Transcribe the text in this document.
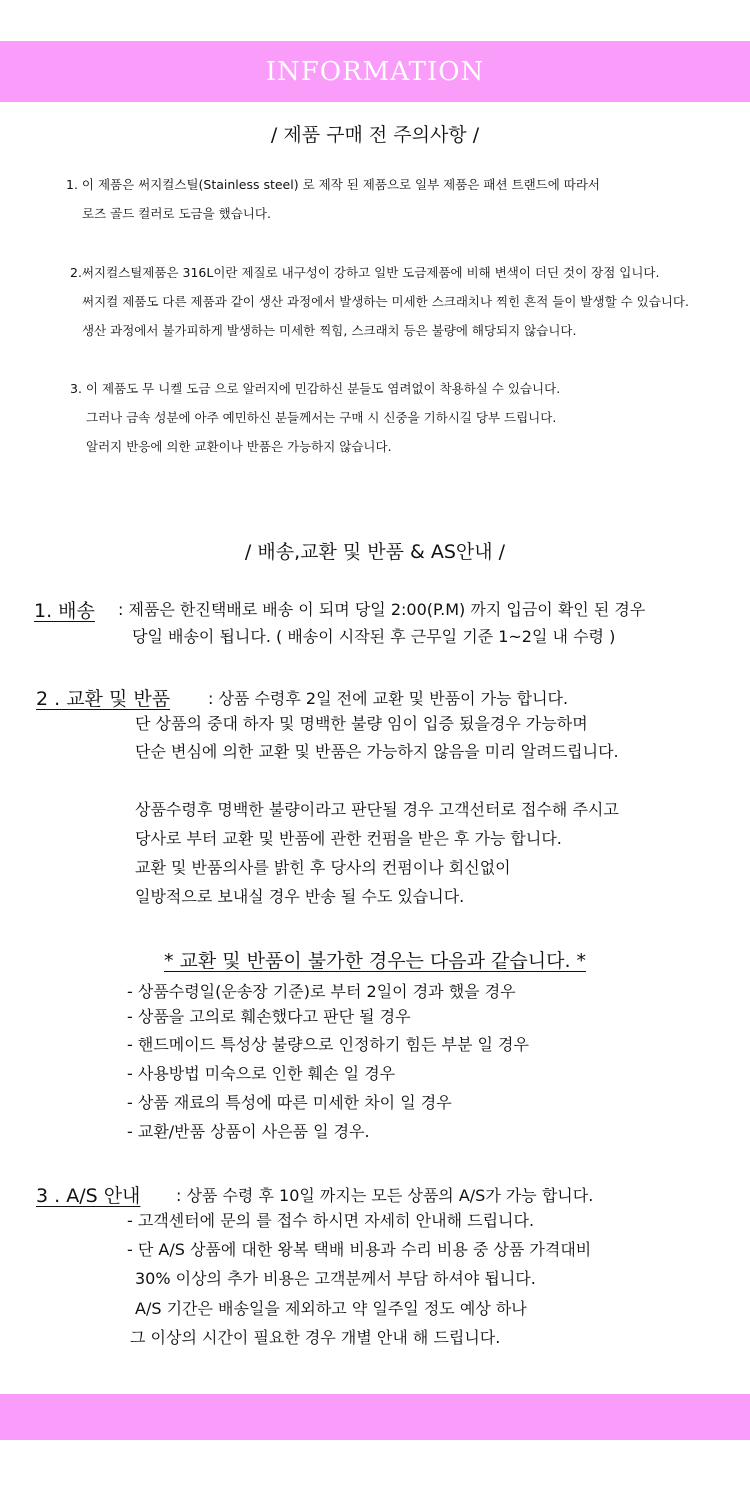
INFORMATION
/ 제품 구매 전 주의사항 /
1. 이 제품은 써지컬스틸(Stainless steel) 로 제작 된 제품으로 일부 제품은 패션 트랜드에 따라서
로즈 골드 컬러로 도금을 했습니다.
2.써지컬스틸제품은 316L이란 제질로 내구성이 강하고 일반 도금제품에 비해 변색이 더딘 것이 장점 입니다.
써지컬 제품도 다른 제품과 같이 생산 과정에서 발생하는 미세한 스크래치나 찍힌 흔적 들이 발생할 수 있습니다.
생산 과정에서 불가피하게 발생하는 미세한 찍힘, 스크래치 등은 불량에 해당되지 않습니다.
3. 이 제품도 무 니켈 도금 으로 알러지에 민감하신 분들도 염려없이 착용하실 수 있습니다.
그러나 금속 성분에 아주 예민하신 분들께서는 구매 시 신중을 기하시길 당부 드립니다.
알러지 반응에 의한 교환이나 반품은 가능하지 않습니다.
/ 배송,교환 및 반품 & AS안내 /
1. 배송 : 제품은 한진택배로 배송 이 되며 당일 2:00(P.M) 까지 입금이 확인 된 경우
당일 배송이 됩니다. ( 배송이 시작된 후 근무일 기준 1~2일 내 수령 )
2 . 교환 및 반품 : 상품 수령후 2일 전에 교환 및 반품이 가능 합니다.
단 상품의 중대 하자 및 명백한 불량 임이 입증 됬을경우 가능하며
단순 변심에 의한 교환 및 반품은 가능하지 않음을 미리 알려드립니다.
상품수령후 명백한 불량이라고 판단될 경우 고객선터로 접수해 주시고
당사로 부터 교환 및 반품에 관한 컨펌을 받은 후 가능 합니다.
교환 및 반품의사를 밝힌 후 당사의 컨펌이나 회신없이
일방적으로 보내실 경우 반송 될 수도 있습니다.
* 교환 및 반품이 불가한 경우는 다음과 같습니다. *
- 상품수령일(운송장 기준)로 부터 2일이 경과 했을 경우
- 상품을 고의로 훼손했다고 판단 될 경우
- 핸드메이드 특성상 불량으로 인정하기 힘든 부분 일 경우
- 사용방법 미숙으로 인한 훼손 일 경우
- 상품 재료의 특성에 따른 미세한 차이 일 경우
- 교환/반품 상품이 사은품 일 경우.
3 . A/S 안내 : 상품 수령 후 10일 까지는 모든 상품의 A/S가 가능 합니다.
- 고객센터에 문의 를 접수 하시면 자세히 안내해 드립니다.
- 단 A/S 상품에 대한 왕복 택배 비용과 수리 비용 중 상품 가격대비
30% 이상의 추가 비용은 고객분께서 부담 하셔야 됩니다.
A/S 기간은 배송일을 제외하고 약 일주일 정도 예상 하나
그 이상의 시간이 필요한 경우 개별 안내 해 드립니다.
